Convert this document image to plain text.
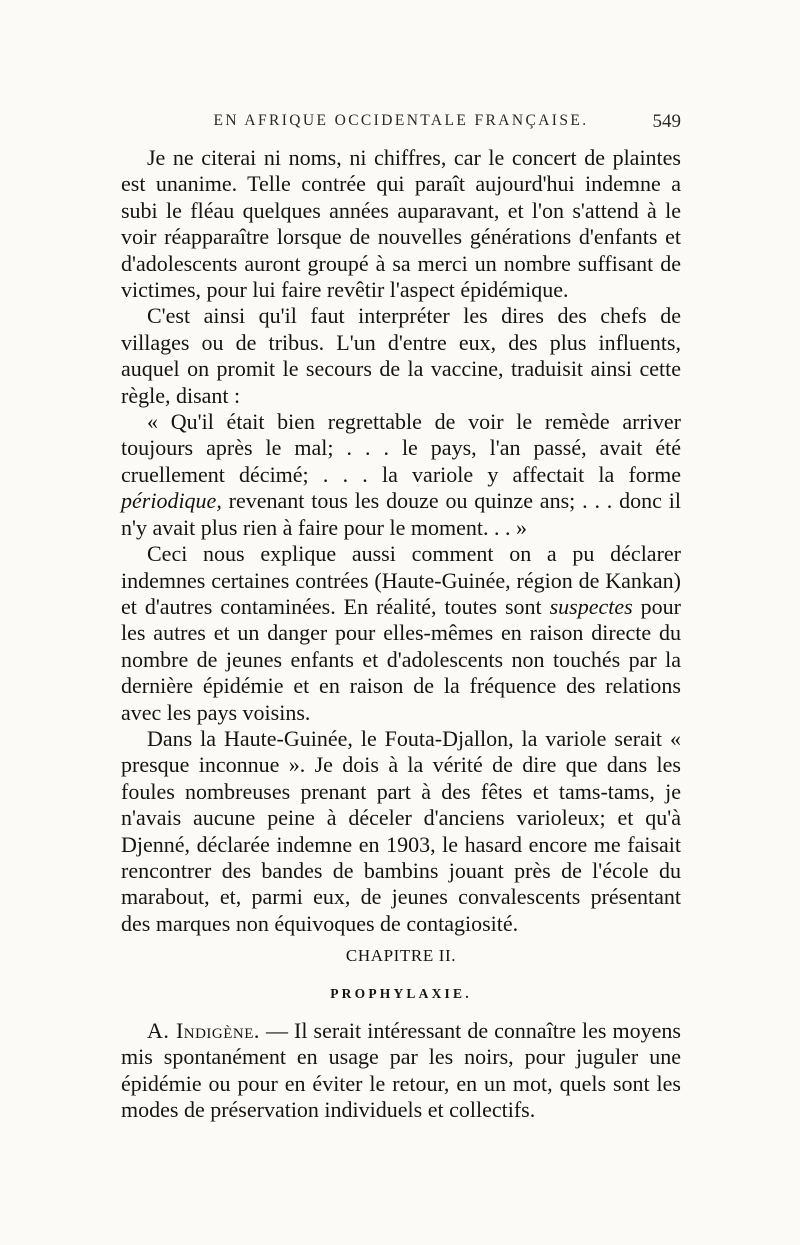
EN AFRIQUE OCCIDENTALE FRANÇAISE.	549

Je ne citerai ni noms, ni chiffres, car le concert de plaintes est unanime. Telle contrée qui paraît aujourd'hui indemne a subi le fléau quelques années auparavant, et l'on s'attend à le voir réapparaître lorsque de nouvelles générations d'enfants et d'adolescents auront groupé à sa merci un nombre suffisant de victimes, pour lui faire revêtir l'aspect épidémique.

C'est ainsi qu'il faut interpréter les dires des chefs de villages ou de tribus. L'un d'entre eux, des plus influents, auquel on promit le secours de la vaccine, traduisit ainsi cette règle, disant :

« Qu'il était bien regrettable de voir le remède arriver toujours après le mal; . . . le pays, l'an passé, avait été cruellement décimé; . . . la variole y affectait la forme périodique, revenant tous les douze ou quinze ans; . . . donc il n'y avait plus rien à faire pour le moment. . . »

Ceci nous explique aussi comment on a pu déclarer indemnes certaines contrées (Haute-Guinée, région de Kankan) et d'autres contaminées. En réalité, toutes sont suspectes pour les autres et un danger pour elles-mêmes en raison directe du nombre de jeunes enfants et d'adolescents non touchés par la dernière épidémie et en raison de la fréquence des relations avec les pays voisins.

Dans la Haute-Guinée, le Fouta-Djallon, la variole serait « presque inconnue ». Je dois à la vérité de dire que dans les foules nombreuses prenant part à des fêtes et tams-tams, je n'avais aucune peine à déceler d'anciens varioleux; et qu'à Djenné, déclarée indemne en 1903, le hasard encore me faisait rencontrer des bandes de bambins jouant près de l'école du marabout, et, parmi eux, de jeunes convalescents présentant des marques non équivoques de contagiosité.

CHAPITRE II.
PROPHYLAXIE.

A. Indigène. — Il serait intéressant de connaître les moyens mis spontanément en usage par les noirs, pour juguler une épidémie ou pour en éviter le retour, en un mot, quels sont les modes de préservation individuels et collectifs.
